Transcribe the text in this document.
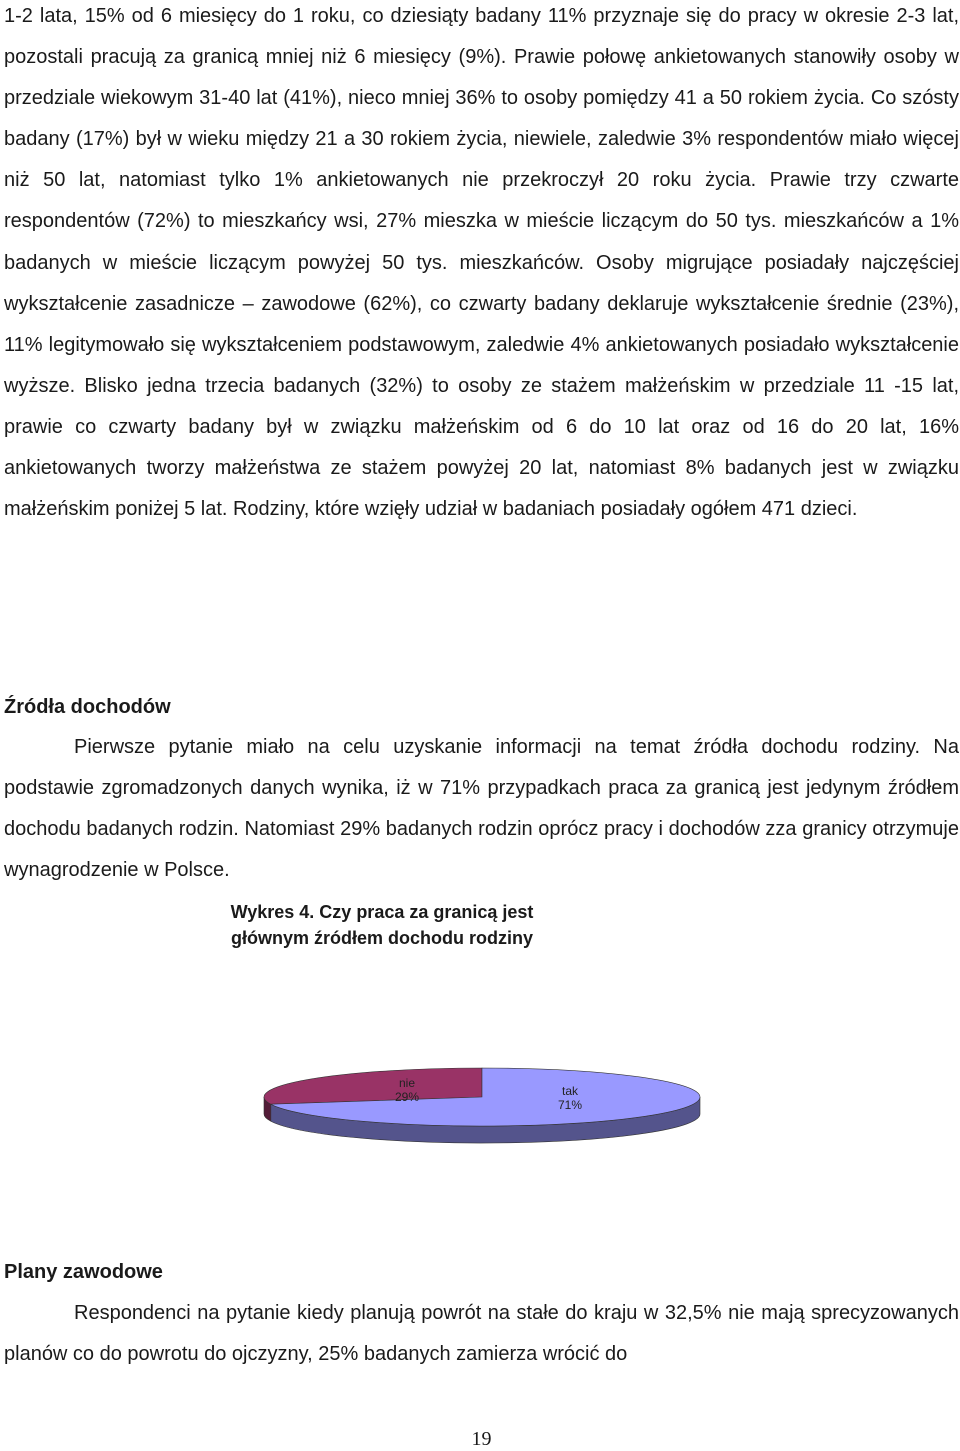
1-2 lata, 15% od 6 miesięcy do 1 roku, co dziesiąty badany 11% przyznaje się do pracy w okresie 2-3 lat, pozostali pracują za granicą mniej niż 6 miesięcy (9%). Prawie połowę ankietowanych stanowiły osoby w przedziale wiekowym 31-40 lat (41%), nieco mniej 36% to osoby pomiędzy 41 a 50 rokiem życia. Co szósty badany (17%) był w wieku między 21 a 30 rokiem życia, niewiele, zaledwie 3% respondentów miało więcej niż 50 lat, natomiast tylko 1% ankietowanych nie przekroczył 20 roku życia. Prawie trzy czwarte respondentów (72%) to mieszkańcy wsi, 27% mieszka w mieście liczącym do 50 tys. mieszkańców a 1% badanych w mieście liczącym powyżej 50 tys. mieszkańców. Osoby migrujące posiadały najczęściej wykształcenie zasadnicze – zawodowe (62%), co czwarty badany deklaruje wykształcenie średnie (23%), 11% legitymowało się wykształceniem podstawowym, zaledwie 4% ankietowanych posiadało wykształcenie wyższe. Blisko jedna trzecia badanych (32%) to osoby ze stażem małżeńskim w przedziale 11 -15 lat, prawie co czwarty badany był w związku małżeńskim od 6 do 10 lat oraz od 16 do 20 lat, 16% ankietowanych tworzy małżeństwa ze stażem powyżej 20 lat, natomiast 8% badanych jest w związku małżeńskim poniżej 5 lat. Rodziny, które wzięły udział w badaniach posiadały ogółem 471 dzieci.

Źródła dochodów

Pierwsze pytanie miało na celu uzyskanie informacji na temat źródła dochodu rodziny. Na podstawie zgromadzonych danych wynika, iż w 71% przypadkach praca za granicą jest jedynym źródłem dochodu badanych rodzin. Natomiast 29% badanych rodzin oprócz pracy i dochodów zza granicy otrzymuje wynagrodzenie w Polsce.

Wykres 4. Czy praca za granicą jest głównym źródłem dochodu rodziny

nie
29%	tak
71%

Plany zawodowe

Respondenci na pytanie kiedy planują powrót na stałe do kraju w 32,5% nie mają sprecyzowanych planów co do powrotu do ojczyzny, 25% badanych zamierza wrócić do

19
